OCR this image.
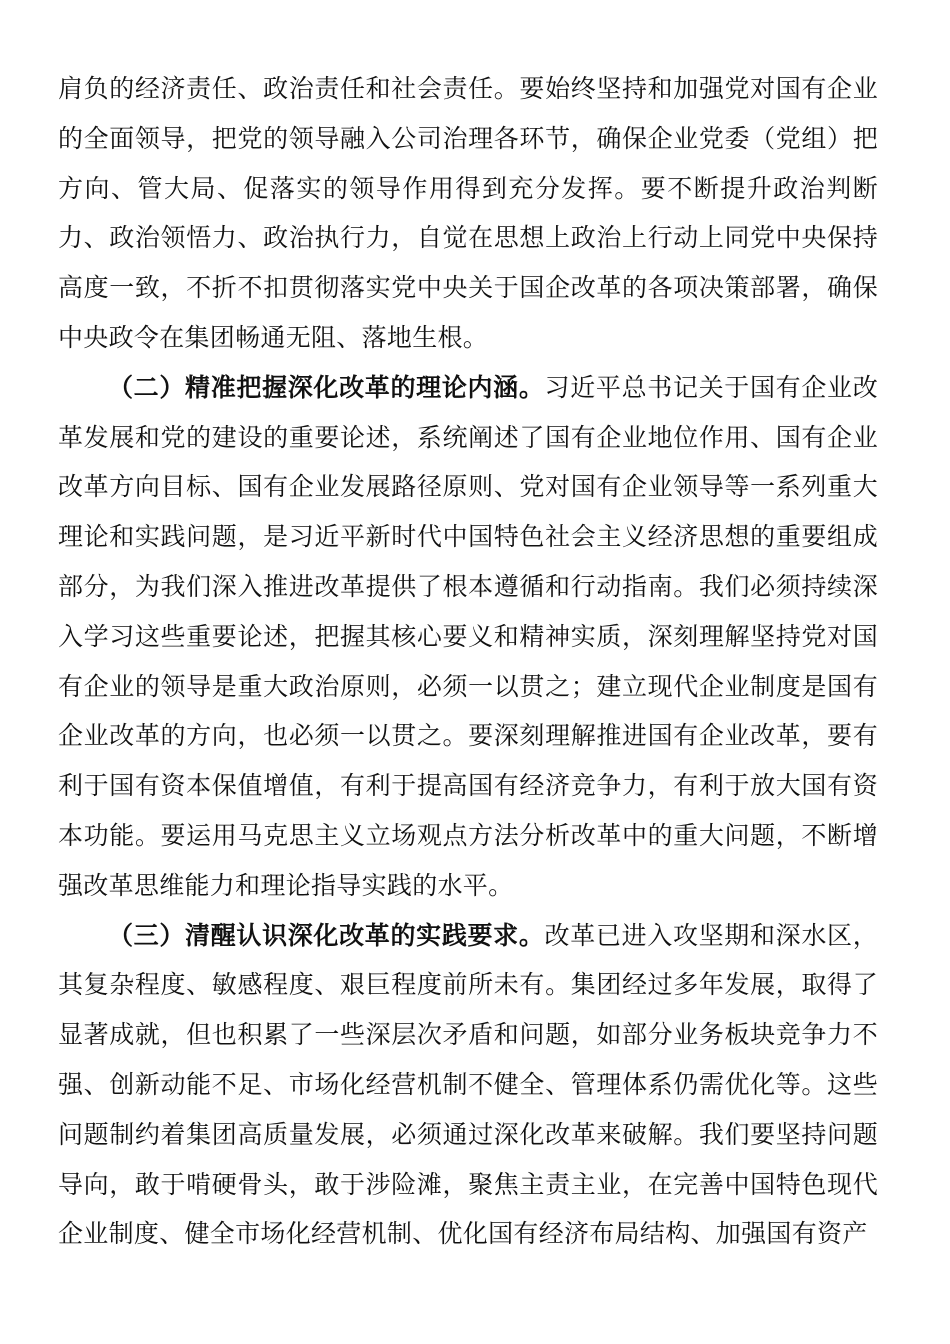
肩负的经济责任、政治责任和社会责任。要始终坚持和加强党对国有企业的全面领导，把党的领导融入公司治理各环节，确保企业党委（党组）把方向、管大局、促落实的领导作用得到充分发挥。要不断提升政治判断力、政治领悟力、政治执行力，自觉在思想上政治上行动上同党中央保持高度一致，不折不扣贯彻落实党中央关于国企改革的各项决策部署，确保中央政令在集团畅通无阻、落地生根。

（二）精准把握深化改革的理论内涵。习近平总书记关于国有企业改革发展和党的建设的重要论述，系统阐述了国有企业地位作用、国有企业改革方向目标、国有企业发展路径原则、党对国有企业领导等一系列重大理论和实践问题，是习近平新时代中国特色社会主义经济思想的重要组成部分，为我们深入推进改革提供了根本遵循和行动指南。我们必须持续深入学习这些重要论述，把握其核心要义和精神实质，深刻理解坚持党对国有企业的领导是重大政治原则，必须一以贯之；建立现代企业制度是国有企业改革的方向，也必须一以贯之。要深刻理解推进国有企业改革，要有利于国有资本保值增值，有利于提高国有经济竞争力，有利于放大国有资本功能。要运用马克思主义立场观点方法分析改革中的重大问题，不断增强改革思维能力和理论指导实践的水平。

（三）清醒认识深化改革的实践要求。改革已进入攻坚期和深水区，其复杂程度、敏感程度、艰巨程度前所未有。集团经过多年发展，取得了显著成就，但也积累了一些深层次矛盾和问题，如部分业务板块竞争力不强、创新动能不足、市场化经营机制不健全、管理体系仍需优化等。这些问题制约着集团高质量发展，必须通过深化改革来破解。我们要坚持问题导向，敢于啃硬骨头，敢于涉险滩，聚焦主责主业，在完善中国特色现代企业制度、健全市场化经营机制、优化国有经济布局结构、加强国有资产
